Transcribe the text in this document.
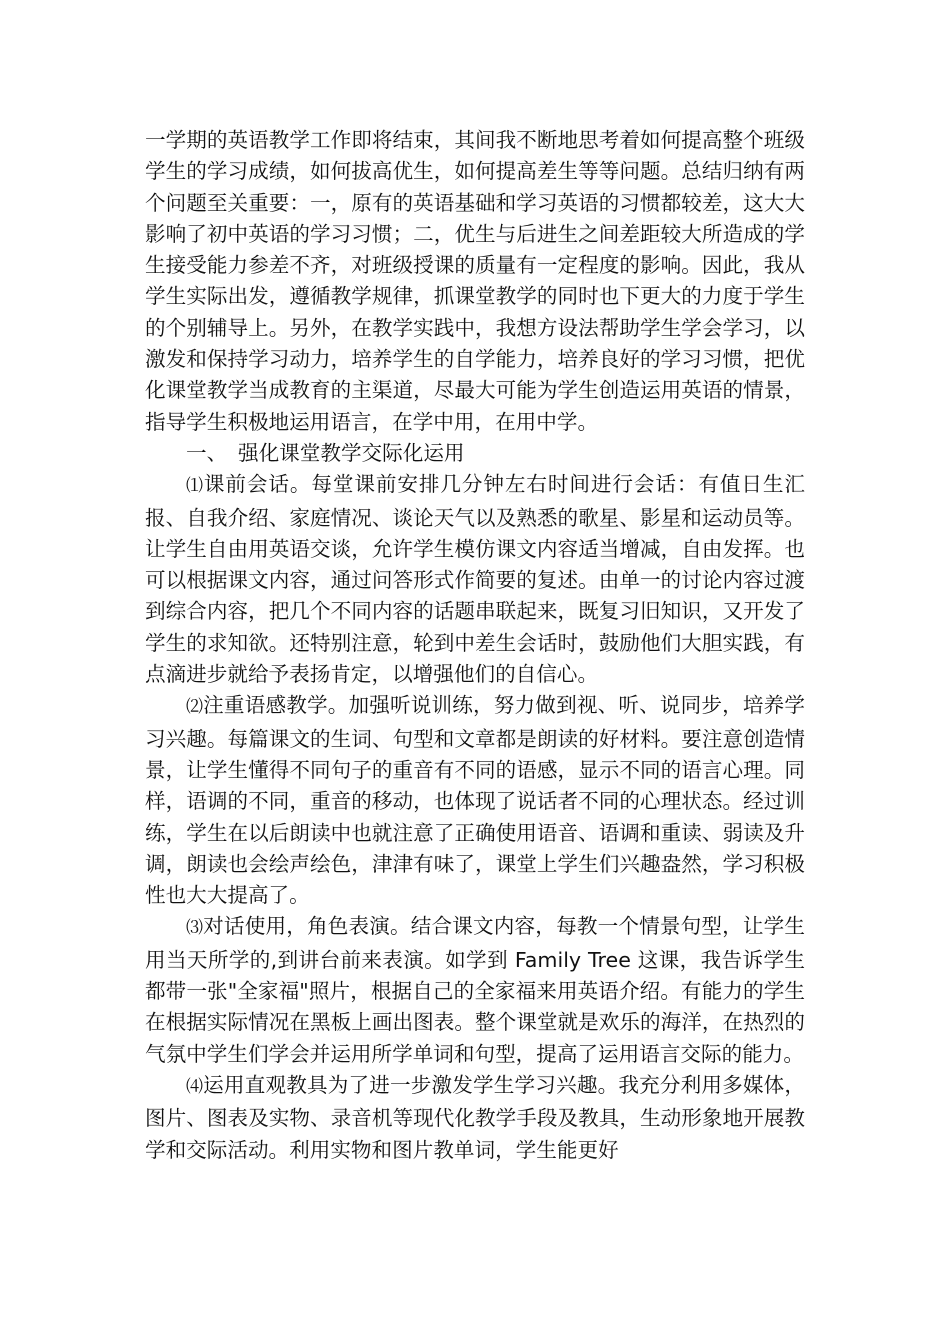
一学期的英语教学工作即将结束，其间我不断地思考着如何提高整个班级学生的学习成绩，如何拔高优生，如何提高差生等等问题。总结归纳有两个问题至关重要：一，原有的英语基础和学习英语的习惯都较差，这大大影响了初中英语的学习习惯；二，优生与后进生之间差距较大所造成的学生接受能力参差不齐，对班级授课的质量有一定程度的影响。因此，我从学生实际出发，遵循教学规律，抓课堂教学的同时也下更大的力度于学生的个别辅导上。另外，在教学实践中，我想方设法帮助学生学会学习，以激发和保持学习动力，培养学生的自学能力，培养良好的学习习惯，把优化课堂教学当成教育的主渠道，尽最大可能为学生创造运用英语的情景，指导学生积极地运用语言，在学中用，在用中学。

一、 强化课堂教学交际化运用

⑴课前会话。每堂课前安排几分钟左右时间进行会话：有值日生汇报、自我介绍、家庭情况、谈论天气以及熟悉的歌星、影星和运动员等。让学生自由用英语交谈，允许学生模仿课文内容适当增减，自由发挥。也可以根据课文内容，通过问答形式作简要的复述。由单一的讨论内容过渡到综合内容，把几个不同内容的话题串联起来，既复习旧知识，又开发了学生的求知欲。还特别注意，轮到中差生会话时，鼓励他们大胆实践，有点滴进步就给予表扬肯定，以增强他们的自信心。

⑵注重语感教学。加强听说训练，努力做到视、听、说同步，培养学习兴趣。每篇课文的生词、句型和文章都是朗读的好材料。要注意创造情景，让学生懂得不同句子的重音有不同的语感，显示不同的语言心理。同样，语调的不同，重音的移动，也体现了说话者不同的心理状态。经过训练，学生在以后朗读中也就注意了正确使用语音、语调和重读、弱读及升调，朗读也会绘声绘色，津津有味了，课堂上学生们兴趣盎然，学习积极性也大大提高了。

⑶对话使用，角色表演。结合课文内容，每教一个情景句型，让学生用当天所学的,到讲台前来表演。如学到 Family Tree 这课，我告诉学生都带一张"全家福"照片，根据自己的全家福来用英语介绍。有能力的学生在根据实际情况在黑板上画出图表。整个课堂就是欢乐的海洋，在热烈的气氛中学生们学会并运用所学单词和句型，提高了运用语言交际的能力。

⑷运用直观教具为了进一步激发学生学习兴趣。我充分利用多媒体，图片、图表及实物、录音机等现代化教学手段及教具，生动形象地开展教学和交际活动。利用实物和图片教单词，学生能更好
